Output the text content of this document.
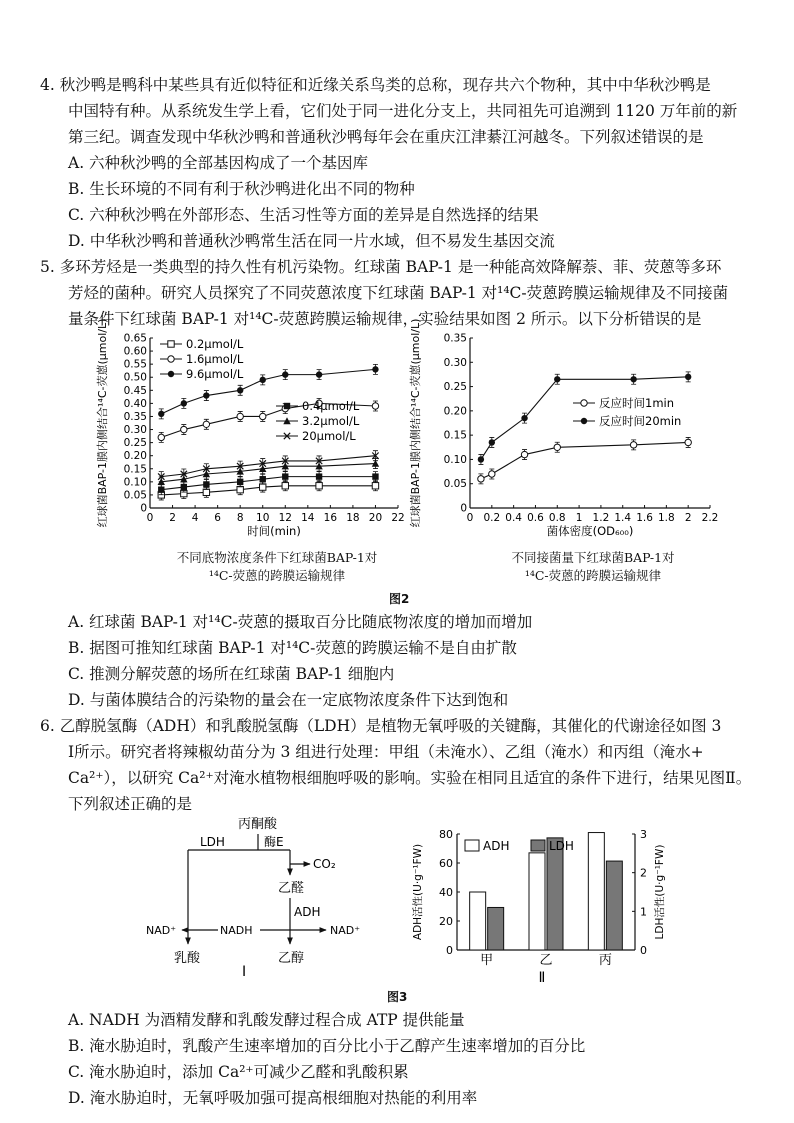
4. 秋沙鸭是鸭科中某些具有近似特征和近缘关系鸟类的总称，现存共六个物种，其中中华秋沙鸭是
中国特有种。从系统发生学上看，它们处于同一进化分支上，共同祖先可追溯到 1120 万年前的新
第三纪。调查发现中华秋沙鸭和普通秋沙鸭每年会在重庆江津綦江河越冬。下列叙述错误的是
A. 六种秋沙鸭的全部基因构成了一个基因库
B. 生长环境的不同有利于秋沙鸭进化出不同的物种
C. 六种秋沙鸭在外部形态、生活习性等方面的差异是自然选择的结果
D. 中华秋沙鸭和普通秋沙鸭常生活在同一片水域，但不易发生基因交流
5. 多环芳烃是一类典型的持久性有机污染物。红球菌 BAP-1 是一种能高效降解萘、菲、荧蒽等多环
芳烃的菌种。研究人员探究了不同荧蒽浓度下红球菌 BAP-1 对¹⁴C-荧蒽跨膜运输规律及不同接菌
量条件下红球菌 BAP-1 对¹⁴C-荧蒽跨膜运输规律，实验结果如图 2 所示。以下分析错误的是
0 2 4 6 8 10 12 14 16 18 20 22
0
0.05
0.10
0.15
0.20
0.25
0.30
0.35
0.40
0.45
0.50
0.55
0.60
0.65
时间(min)
红球菌BAP-1膜内侧结合¹⁴C-荧蒽(μmol/L)	0.2μmol/L
1.6μmol/L
9.6μmol/L
0.4μmol/L
3.2μmol/L
20μmol/L
0 0.2 0.4 0.6 0.8 1 1.2 1.4 1.6 1.8 2 2.2
0
0.05
0.10
0.15
0.20
0.25
0.30
0.35
菌体密度(OD₆₀₀)
红球菌BAP-1膜内侧结合¹⁴C-荧蒽(μmol/L)	反应时间1min
反应时间20min
不同底物浓度条件下红球菌BAP-1对
¹⁴C-荧蒽的跨膜运输规律
不同接菌量下红球菌BAP-1对
¹⁴C-荧蒽的跨膜运输规律
图2
A. 红球菌 BAP-1 对¹⁴C-荧蒽的摄取百分比随底物浓度的增加而增加
B. 据图可推知红球菌 BAP-1 对¹⁴C-荧蒽的跨膜运输不是自由扩散
C. 推测分解荧蒽的场所在红球菌 BAP-1 细胞内
D. 与菌体膜结合的污染物的量会在一定底物浓度条件下达到饱和
6. 乙醇脱氢酶（ADH）和乳酸脱氢酶（LDH）是植物无氧呼吸的关键酶，其催化的代谢途径如图 3
Ⅰ所示。研究者将辣椒幼苗分为 3 组进行处理：甲组（未淹水）、乙组（淹水）和丙组（淹水+
Ca²⁺），以研究 Ca²⁺对淹水植物根细胞呼吸的影响。实验在相同且适宜的条件下进行，结果见图Ⅱ。
下列叙述正确的是
丙酮酸
LDH	酶E
CO₂
乙醛
ADH
NAD⁺	NADH	NAD⁺
乳酸	乙醇
Ⅰ
0
20
40
60
80
0
1
2
3
ADH活性(U·g⁻¹FW)	LDH活性(U·g⁻¹FW)
甲	乙	丙
ADH	LDH
Ⅱ
图3
A. NADH 为酒精发酵和乳酸发酵过程合成 ATP 提供能量
B. 淹水胁迫时，乳酸产生速率增加的百分比小于乙醇产生速率增加的百分比
C. 淹水胁迫时，添加 Ca²⁺可减少乙醛和乳酸积累
D. 淹水胁迫时，无氧呼吸加强可提高根细胞对热能的利用率
